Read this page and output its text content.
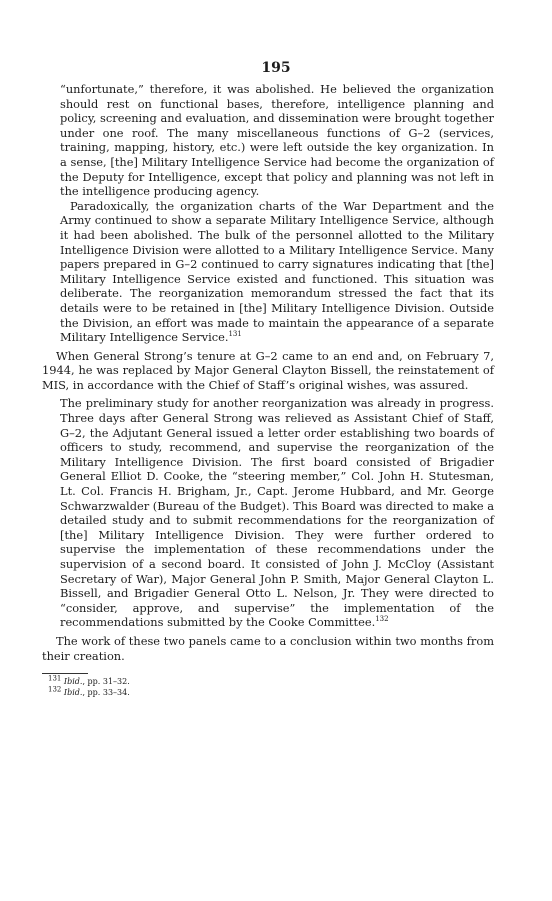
195

“unfortunate,” therefore, it was abolished. He believed the organization should rest on functional bases, therefore, intelligence planning and policy, screening and evaluation, and dissemination were brought together under one roof. The many miscellaneous functions of G–2 (services, training, mapping, history, etc.) were left outside the key organization. In a sense, [the] Military Intelligence Service had become the organization of the Deputy for Intelligence, except that policy and planning was not left in the intelligence producing agency.

Paradoxically, the organization charts of the War Department and the Army continued to show a separate Military Intelligence Service, although it had been abolished. The bulk of the personnel allotted to the Military Intelligence Division were allotted to a Military Intelligence Service. Many papers prepared in G–2 continued to carry signatures indicating that [the] Military Intelligence Service existed and functioned. This situation was deliberate. The reorganization memorandum stressed the fact that its details were to be retained in [the] Military Intelligence Division. Outside the Division, an effort was made to maintain the appearance of a separate Military Intelligence Service.$^{131}$

When General Strong’s tenure at G–2 came to an end and, on February 7, 1944, he was replaced by Major General Clayton Bissell, the reinstatement of MIS, in accordance with the Chief of Staff’s original wishes, was assured.

The preliminary study for another reorganization was already in progress. Three days after General Strong was relieved as Assistant Chief of Staff, G–2, the Adjutant General issued a letter order establishing two boards of officers to study, recommend, and supervise the reorganization of the Military Intelligence Division. The first board consisted of Brigadier General Elliot D. Cooke, the “steering member,” Col. John H. Stutesman, Lt. Col. Francis H. Brigham, Jr., Capt. Jerome Hubbard, and Mr. George Schwarzwalder (Bureau of the Budget). This Board was directed to make a detailed study and to submit recommendations for the reorganization of [the] Military Intelligence Division. They were further ordered to supervise the implementation of these recommendations under the supervision of a second board. It consisted of John J. McCloy (Assistant Secretary of War), Major General John P. Smith, Major General Clayton L. Bissell, and Brigadier General Otto L. Nelson, Jr. They were directed to “consider, approve, and supervise” the implementation of the recommendations submitted by the Cooke Committee.$^{132}$

The work of these two panels came to a conclusion within two months from their creation.

$^{131}$ Ibid., pp. 31–32.
$^{132}$ Ibid., pp. 33–34.
